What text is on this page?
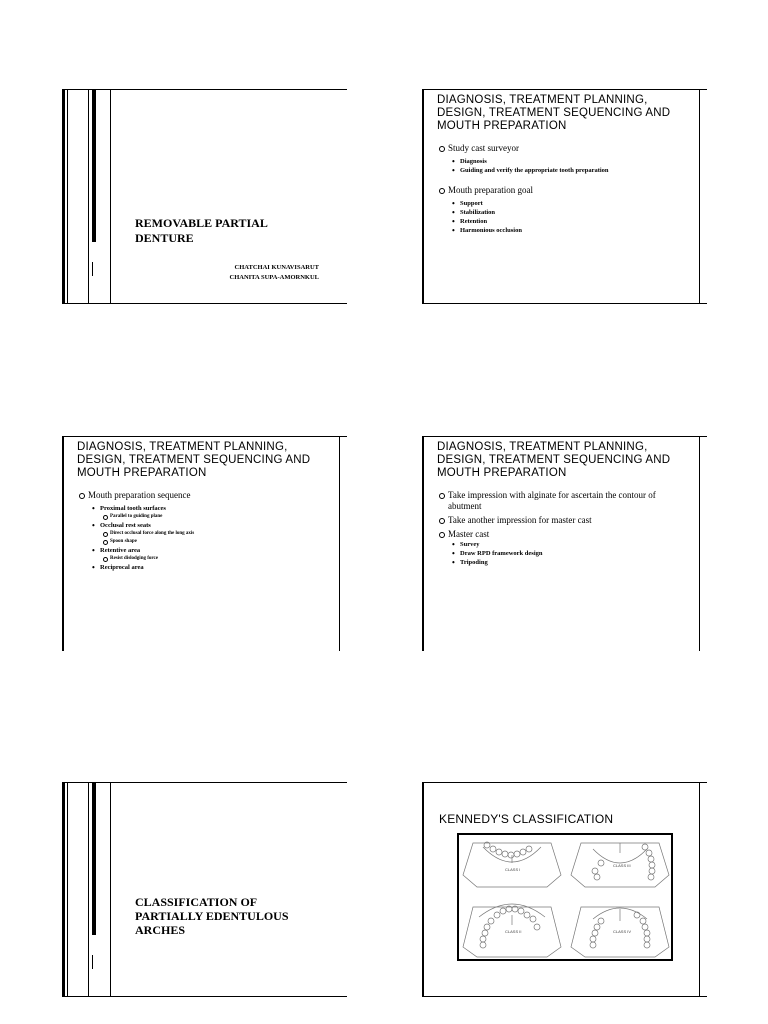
REMOVABLE PARTIAL
DENTURE
CHATCHAI KUNAVISARUT
CHANITA SUPA-AMORNKUL
DIAGNOSIS, TREATMENT PLANNING, DESIGN, TREATMENT SEQUENCING AND MOUTH PREPARATION
Study cast surveyor
• Diagnosis
• Guiding and verify the appropriate tooth preparation
Mouth preparation goal
• Support
• Stabilization
• Retention
• Harmonious occlusion
DIAGNOSIS, TREATMENT PLANNING, DESIGN, TREATMENT SEQUENCING AND MOUTH PREPARATION
Mouth preparation sequence
• Proximal tooth surfaces
Parallel to guiding plane
• Occlusal rest seats
Direct occlusal force along the long axis
Spoon shape
• Retentive area
Resist dislodging force
• Reciprocal area
DIAGNOSIS, TREATMENT PLANNING, DESIGN, TREATMENT SEQUENCING AND MOUTH PREPARATION
Take impression with alginate for ascertain the contour of abutment
Take another impression for master cast
Master cast
• Survey
• Draw RPD framework design
• Tripoding
CLASSIFICATION OF
PARTIALLY EDENTULOUS
ARCHES
KENNEDY'S CLASSIFICATION
CLASS I
CLASS III
CLASS II	CLASS IV
